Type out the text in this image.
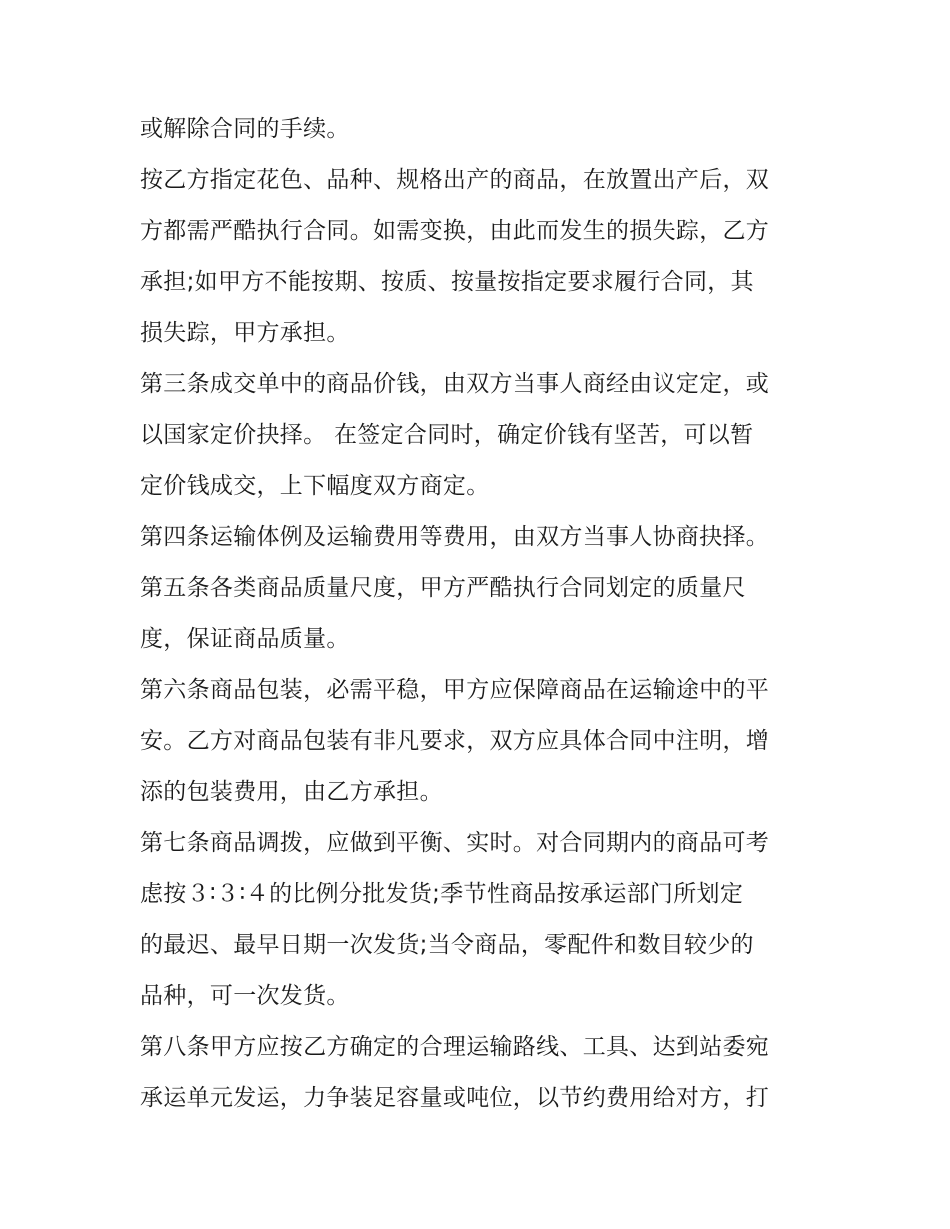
或解除合同的手续。
按乙方指定花色、品种、规格出产的商品，在放置出产后，双
方都需严酷执行合同。如需变换，由此而发生的损失踪，乙方
承担;如甲方不能按期、按质、按量按指定要求履行合同，其
损失踪，甲方承担。
第三条成交单中的商品价钱，由双方当事人商经由议定定，或
以国家定价抉择。 在签定合同时，确定价钱有坚苦，可以暂
定价钱成交，上下幅度双方商定。
第四条运输体例及运输费用等费用，由双方当事人协商抉择。
第五条各类商品质量尺度，甲方严酷执行合同划定的质量尺
度，保证商品质量。
第六条商品包装，必需平稳，甲方应保障商品在运输途中的平
安。乙方对商品包装有非凡要求，双方应具体合同中注明，增
添的包装费用，由乙方承担。
第七条商品调拨，应做到平衡、实时。对合同期内的商品可考
虑按３∶３∶４的比例分批发货;季节性商品按承运部门所划定
的最迟、最早日期一次发货;当令商品，零配件和数目较少的
品种，可一次发货。
第八条甲方应按乙方确定的合理运输路线、工具、达到站委宛
承运单元发运，力争装足容量或吨位，以节约费用给对方，打
